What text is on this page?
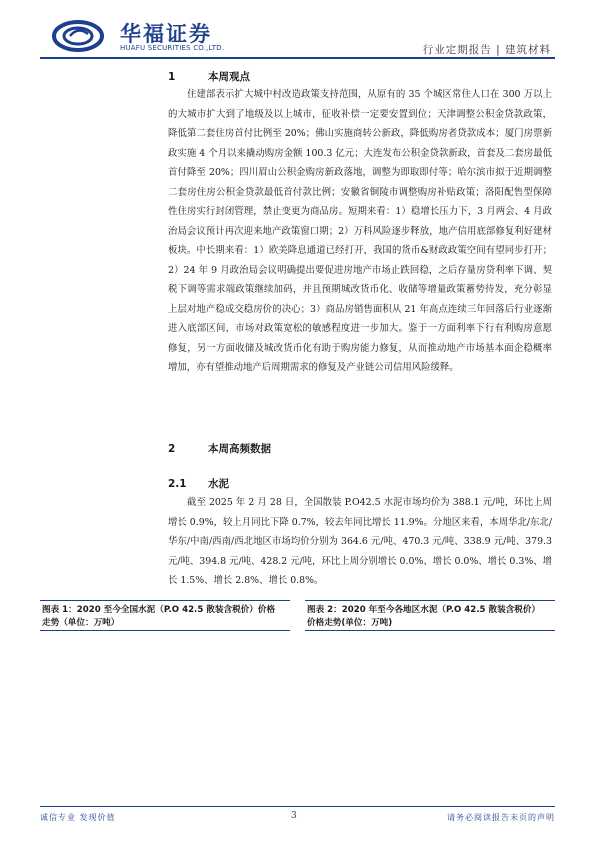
华福证券
HUAFU SECURITIES CO.,LTD.	行业定期报告 | 建筑材料
1	本周观点
住建部表示扩大城中村改造政策支持范围，从原有的 35 个城区常住人口在 300 万以上的大城市扩大到了地级及以上城市，征收补偿一定要安置到位；天津调整公积金贷款政策，降低第二套住房首付比例至 20%；佛山实施商转公新政，降低购房者贷款成本；厦门房票新政实施 4 个月以来撬动购房金额 100.3 亿元；大连发布公积金贷款新政，首套及二套房最低首付降至 20%；四川眉山公积金购房新政落地，调整为即取即付等；哈尔滨市拟于近期调整二套房住房公积金贷款最低首付款比例；安徽省铜陵市调整购房补贴政策；洛阳配售型保障性住房实行封闭管理，禁止变更为商品房。短期来看：1）稳增长压力下，3 月两会、4 月政治局会议预计再次迎来地产政策窗口期；2）万科风险逐步释放，地产信用底部修复利好建材板块。中长期来看：1）欧美降息通道已经打开，我国的货币&财政政策空间有望同步打开； 2）24 年 9 月政治局会议明确提出要促进房地产市场止跌回稳，之后存量房贷利率下调、契税下调等需求端政策继续加码，并且预期城改货币化、收储等增量政策蓄势待发，充分彰显上层对地产稳成交稳房价的决心；3）商品房销售面积从 21 年高点连续三年回落后行业逐渐进入底部区间，市场对政策宽松的敏感程度进一步加大。鉴于一方面利率下行有利购房意愿修复，另一方面收储及城改货币化有助于购房能力修复，从而推动地产市场基本面企稳概率增加，亦有望推动地产后周期需求的修复及产业链公司信用风险缓释。
2	本周高频数据
2.1 水泥
截至 2025 年 2 月 28 日，全国散装 P.O42.5 水泥市场均价为 388.1 元/吨，环比上周增长 0.9%，较上月同比下降 0.7%，较去年同比增长 11.9%。分地区来看，本周华北/东北/华东/中南/西南/西北地区市场均价分别为 364.6 元/吨、470.3 元/吨、338.9 元/吨、379.3 元/吨、394.8 元/吨、428.2 元/吨，环比上周分别增长 0.0%、增长 0.0%、增长 0.3%、增长 1.5%、增长 2.8%、增长 0.8%。
图表 1：2020 至今全国水泥（P.O 42.5 散装含税价）价格走势（单位：万吨）
图表 2：2020 年至今各地区水泥（P.O 42.5 散装含税价）价格走势(单位：万吨)
诚信专业 发现价值	3	请务必阅读报告末页的声明
